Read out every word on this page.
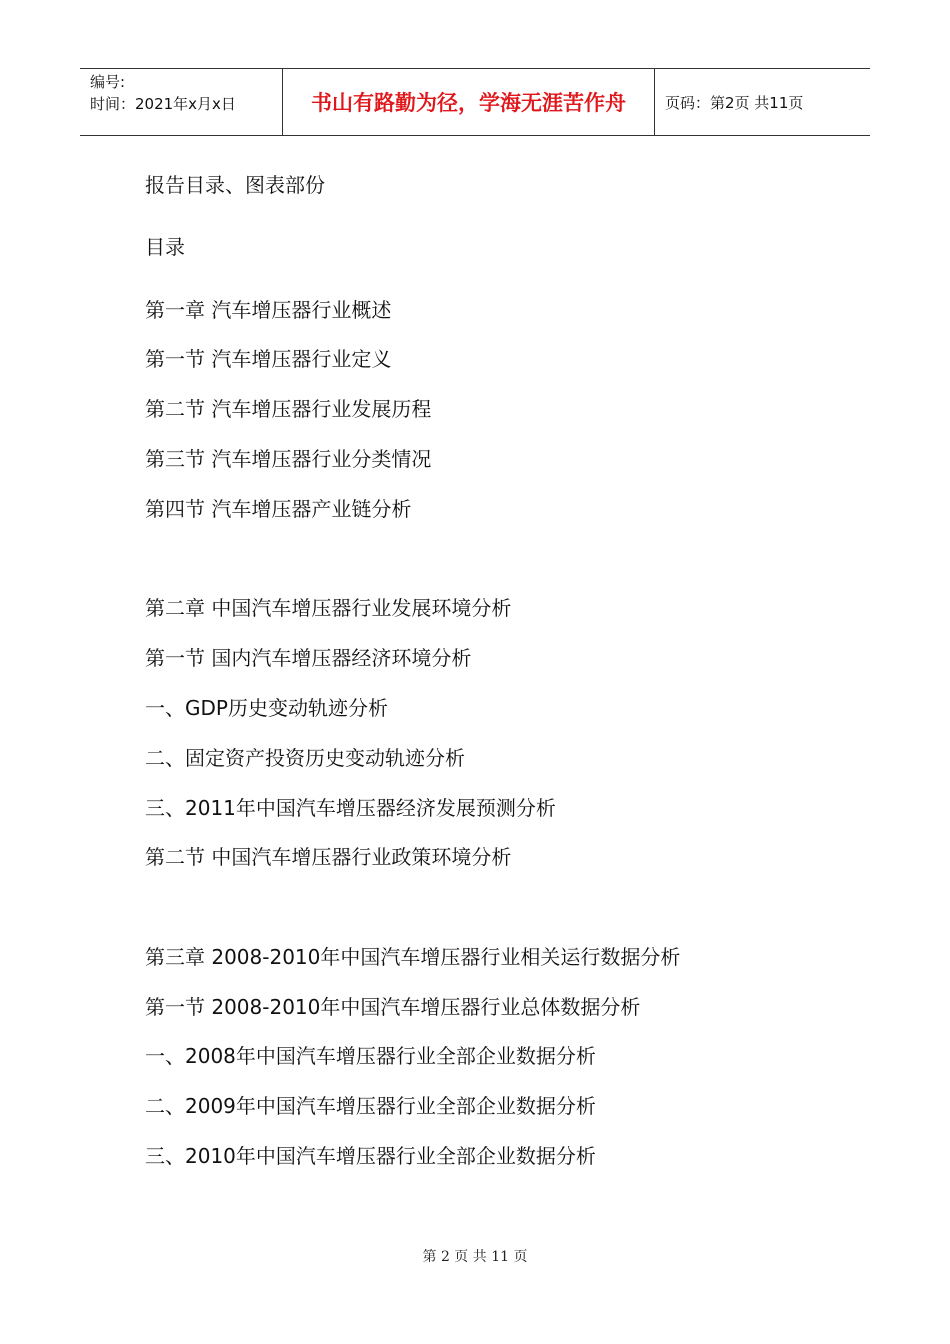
编号:
时间：2021年x月x日	书山有路勤为径，学海无涯苦作舟	页码：第2页 共11页
报告目录、图表部份
目录
第一章 汽车增压器行业概述
第一节 汽车增压器行业定义
第二节 汽车增压器行业发展历程
第三节 汽车增压器行业分类情况
第四节 汽车增压器产业链分析
第二章 中国汽车增压器行业发展环境分析
第一节 国内汽车增压器经济环境分析
一、GDP历史变动轨迹分析
二、固定资产投资历史变动轨迹分析
三、2011年中国汽车增压器经济发展预测分析
第二节 中国汽车增压器行业政策环境分析
第三章 2008-2010年中国汽车增压器行业相关运行数据分析
第一节 2008-2010年中国汽车增压器行业总体数据分析
一、2008年中国汽车增压器行业全部企业数据分析
二、2009年中国汽车增压器行业全部企业数据分析
三、2010年中国汽车增压器行业全部企业数据分析
第 2 页 共 11 页
